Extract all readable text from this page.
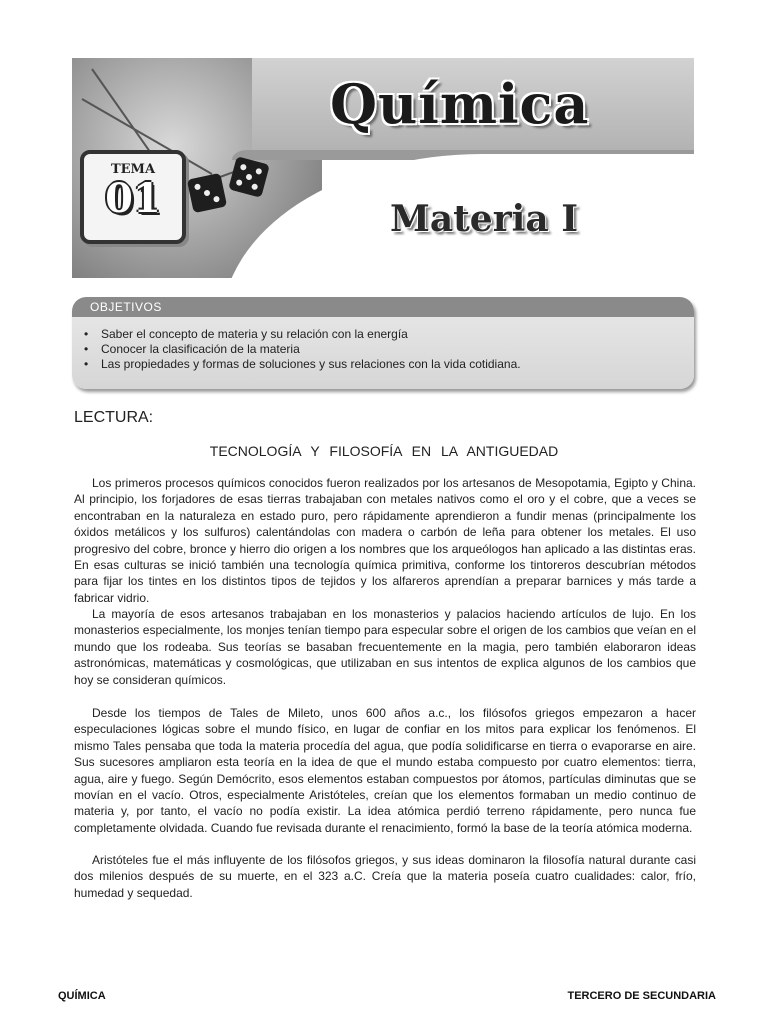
Química
Materia I
TEMA
01
OBJETIVOS
• Saber el concepto de materia y su relación con la energía
• Conocer la clasificación de la materia
• Las propiedades y formas de soluciones y sus relaciones con la vida cotidiana.
LECTURA:
TECNOLOGÍA Y FILOSOFÍA EN LA ANTIGUEDAD

Los primeros procesos químicos conocidos fueron realizados por los artesanos de Mesopotamia, Egipto y China. Al principio, los forjadores de esas tierras trabajaban con metales nativos como el oro y el cobre, que a veces se encontraban en la naturaleza en estado puro, pero rápidamente aprendieron a fundir menas (principalmente los óxidos metálicos y los sulfuros) calentándolas con madera o carbón de leña para obtener los metales. El uso progresivo del cobre, bronce y hierro dio origen a los nombres que los arqueólogos han aplicado a las distintas eras. En esas culturas se inició también una tecnología química primitiva, conforme los tintoreros descubrían métodos para fijar los tintes en los distintos tipos de tejidos y los alfareros aprendían a preparar barnices y más tarde a fabricar vidrio.

La mayoría de esos artesanos trabajaban en los monasterios y palacios haciendo artículos de lujo. En los monasterios especialmente, los monjes tenían tiempo para especular sobre el origen de los cambios que veían en el mundo que los rodeaba. Sus teorías se basaban frecuentemente en la magia, pero también elaboraron ideas astronómicas, matemáticas y cosmológicas, que utilizaban en sus intentos de explica algunos de los cambios que hoy se consideran químicos.

Desde los tiempos de Tales de Mileto, unos 600 años a.c., los filósofos griegos empezaron a hacer especulaciones lógicas sobre el mundo físico, en lugar de confiar en los mitos para explicar los fenómenos. El mismo Tales pensaba que toda la materia procedía del agua, que podía solidificarse en tierra o evaporarse en aire. Sus sucesores ampliaron esta teoría en la idea de que el mundo estaba compuesto por cuatro elementos: tierra, agua, aire y fuego. Según Demócrito, esos elementos estaban compuestos por átomos, partículas diminutas que se movían en el vacío. Otros, especialmente Aristóteles, creían que los elementos formaban un medio continuo de materia y, por tanto, el vacío no podía existir. La idea atómica perdió terreno rápidamente, pero nunca fue completamente olvidada. Cuando fue revisada durante el renacimiento, formó la base de la teoría atómica moderna.

Aristóteles fue el más influyente de los filósofos griegos, y sus ideas dominaron la filosofía natural durante casi dos milenios después de su muerte, en el 323 a.C. Creía que la materia poseía cuatro cualidades: calor, frío, humedad y sequedad.

QUÍMICA	TERCERO DE SECUNDARIA
